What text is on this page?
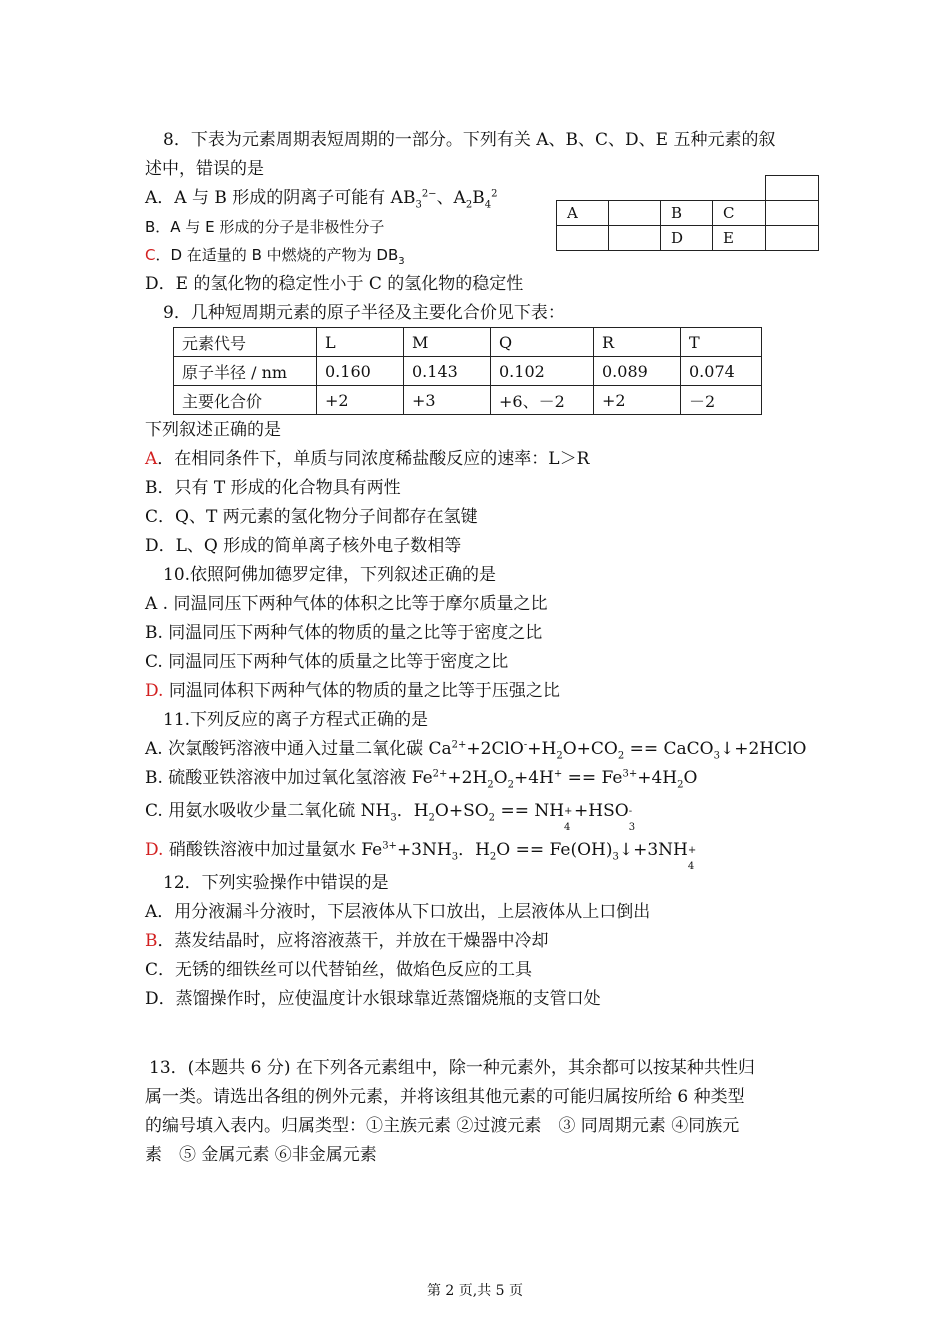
8．下表为元素周期表短周期的一部分。下列有关 A、B、C、D、E 五种元素的叙
述中，错误的是
A．A 与 B 形成的阴离子可能有 $AB_3^{2-}$、$A_2B_4^2$
B．A 与 E 形成的分子是非极性分子
C．D 在适量的 B 中燃烧的产物为 $DB_3$
D．E 的氢化物的稳定性小于 C 的氢化物的稳定性

A		B	C	
		D	E	
9．几种短周期元素的原子半径及主要化合价见下表：
元素代号	L	M	Q	R	T
原子半径 / nm	0.160	0.143	0.102	0.089	0.074
主要化合价	+2	+3	+6、－2	+2	－2
下列叙述正确的是
A．在相同条件下，单质与同浓度稀盐酸反应的速率：L＞R
B．只有 T 形成的化合物具有两性
C．Q、T 两元素的氢化物分子间都存在氢键
D．L、Q 形成的简单离子核外电子数相等
10.依照阿佛加德罗定律，下列叙述正确的是
A . 同温同压下两种气体的体积之比等于摩尔质量之比
B. 同温同压下两种气体的物质的量之比等于密度之比
C. 同温同压下两种气体的质量之比等于密度之比
D. 同温同体积下两种气体的物质的量之比等于压强之比
11.下列反应的离子方程式正确的是
A. 次氯酸钙溶液中通入过量二氧化碳 $Ca^{2+}+2ClO^-+H_2O+CO_2$ == CaCO$_3$↓+2HClO
B. 硫酸亚铁溶液中加过氧化氢溶液 $Fe^{2+}+2H_2O_2+4H^+ == Fe^{3+}+4H_2O$
C. 用氨水吸收少量二氧化硫 $NH_3$．$H_2O+SO_2$ == NH +
4
+HSO -
3
D. 硝酸铁溶液中加过量氨水 $Fe^{3+}+3NH_3$．$H_2O$ == $Fe(OH)_3↓+3NH$ +
4
12．下列实验操作中错误的是
A．用分液漏斗分液时，下层液体从下口放出，上层液体从上口倒出
B．蒸发结晶时，应将溶液蒸干，并放在干燥器中冷却
C．无锈的细铁丝可以代替铂丝，做焰色反应的工具
D．蒸馏操作时，应使温度计水银球靠近蒸馏烧瓶的支管口处
13．(本题共 6 分) 在下列各元素组中，除一种元素外，其余都可以按某种共性归
属一类。请选出各组的例外元素，并将该组其他元素的可能归属按所给 6 种类型
的编号填入表内。归属类型：①主族元素 ②过渡元素　③ 同周期元素 ④同族元
素　⑤ 金属元素 ⑥非金属元素
第 2 页,共 5 页
